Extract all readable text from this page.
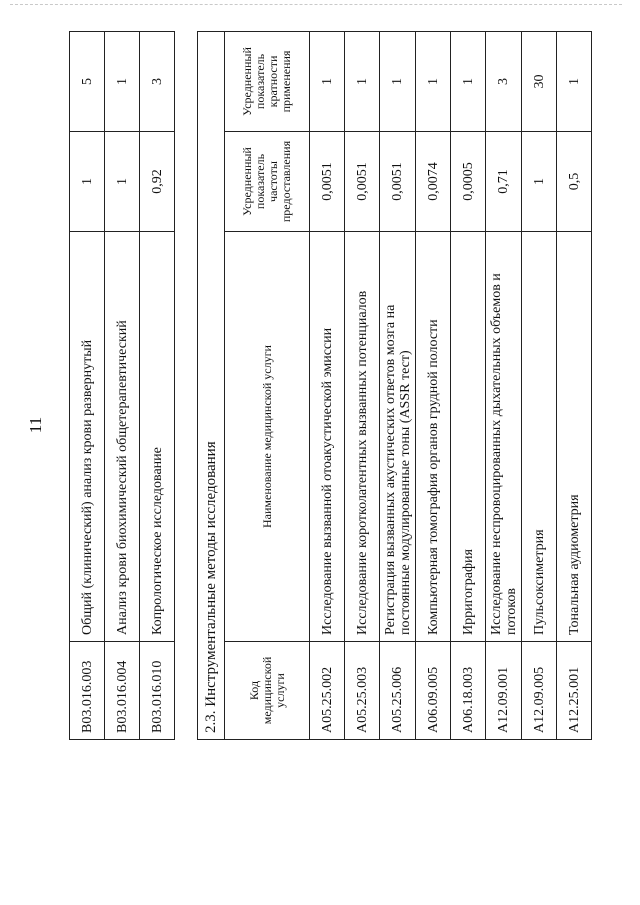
11
B03.016.003	Общий (клинический) анализ крови развернутый	1	5
B03.016.004	Анализ крови биохимический общетерапевтический	1	1
B03.016.010	Копрологическое исследование	0,92	3
2.3. Инструментальные методы исследования			
Код медицинской услуги	Наименование медицинской услуги	Усредненный показатель частоты предоставления	Усредненный показатель кратности применения
A05.25.002	Исследование вызванной отоакустической эмиссии	0,0051	1
A05.25.003	Исследование коротколатентных вызванных потенциалов	0,0051	1
A05.25.006	Регистрация вызванных акустических ответов мозга на постоянные модулированные тоны (ASSR тест)	0,0051	1
A06.09.005	Компьютерная томография органов грудной полости	0,0074	1
A06.18.003	Ирригография	0,0005	1
A12.09.001	Исследование неспровоцированных дыхательных объемов и потоков	0,71	3
A12.09.005	Пульсоксиметрия	1	30
A12.25.001	Тональная аудиометрия	0,5	1
